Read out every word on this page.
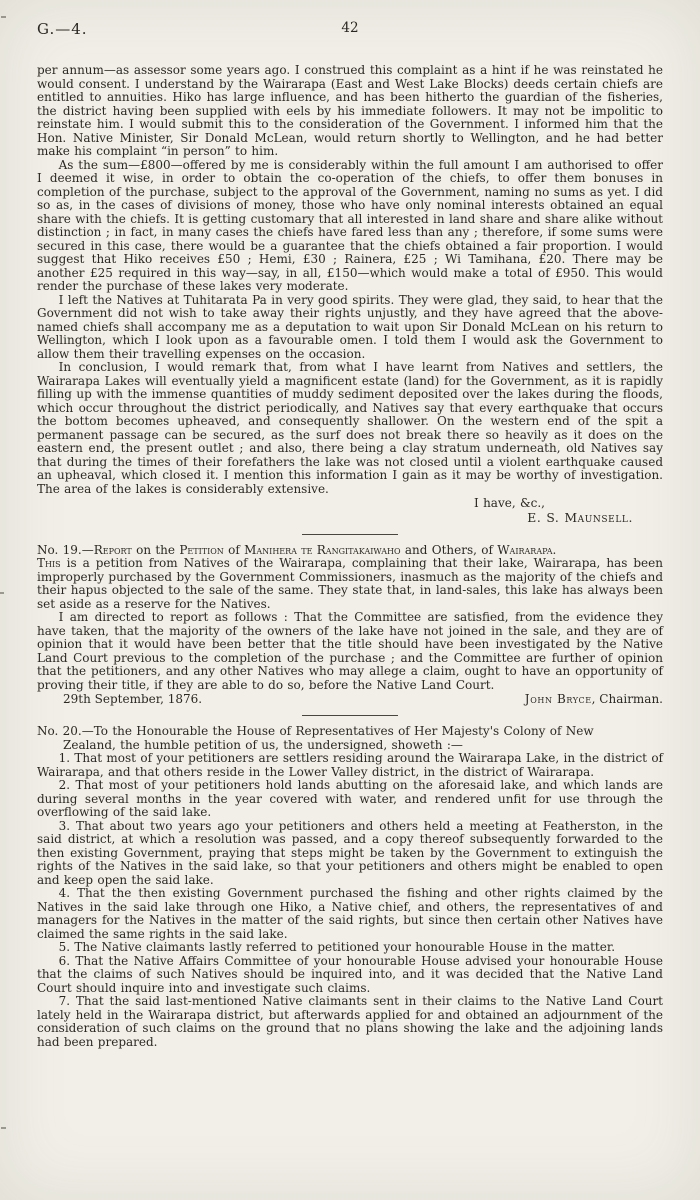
G.—4.	42

per annum—as assessor some years ago. I construed this complaint as a hint if he was reinstated he would consent. I understand by the Wairarapa (East and West Lake Blocks) deeds certain chiefs are entitled to annuities. Hiko has large influence, and has been hitherto the guardian of the fisheries, the district having been supplied with eels by his immediate followers. It may not be impolitic to reinstate him. I would submit this to the consideration of the Government. I informed him that the Hon. Native Minister, Sir Donald McLean, would return shortly to Wellington, and he had better make his complaint “in person” to him.

As the sum—£800—offered by me is considerably within the full amount I am authorised to offer I deemed it wise, in order to obtain the co-operation of the chiefs, to offer them bonuses in completion of the purchase, subject to the approval of the Government, naming no sums as yet. I did so as, in the cases of divisions of money, those who have only nominal interests obtained an equal share with the chiefs. It is getting customary that all interested in land share and share alike without distinction ; in fact, in many cases the chiefs have fared less than any ; therefore, if some sums were secured in this case, there would be a guarantee that the chiefs obtained a fair proportion. I would suggest that Hiko receives £50 ; Hemi, £30 ; Rainera, £25 ; Wi Tamihana, £20. There may be another £25 required in this way—say, in all, £150—which would make a total of £950. This would render the purchase of these lakes very moderate.

I left the Natives at Tuhitarata Pa in very good spirits. They were glad, they said, to hear that the Government did not wish to take away their rights unjustly, and they have agreed that the above-named chiefs shall accompany me as a deputation to wait upon Sir Donald McLean on his return to Wellington, which I look upon as a favourable omen. I told them I would ask the Government to allow them their travelling expenses on the occasion.

In conclusion, I would remark that, from what I have learnt from Natives and settlers, the Wairarapa Lakes will eventually yield a magnificent estate (land) for the Government, as it is rapidly filling up with the immense quantities of muddy sediment deposited over the lakes during the floods, which occur throughout the district periodically, and Natives say that every earthquake that occurs the bottom becomes upheaved, and consequently shallower. On the western end of the spit a permanent passage can be secured, as the surf does not break there so heavily as it does on the eastern end, the present outlet ; and also, there being a clay stratum underneath, old Natives say that during the times of their forefathers the lake was not closed until a violent earthquake caused an upheaval, which closed it. I mention this information I gain as it may be worthy of investigation. The area of the lakes is considerably extensive.

I have, &c.,

E. S. Maunsell.

No. 19.—Report on the Petition of Manihera te Rangitakaiwaho and Others, of Wairarapa.

This is a petition from Natives of the Wairarapa, complaining that their lake, Wairarapa, has been improperly purchased by the Government Commissioners, inasmuch as the majority of the chiefs and their hapus objected to the sale of the same. They state that, in land-sales, this lake has always been set aside as a reserve for the Natives.

I am directed to report as follows : That the Committee are satisfied, from the evidence they have taken, that the majority of the owners of the lake have not joined in the sale, and they are of opinion that it would have been better that the title should have been investigated by the Native Land Court previous to the completion of the purchase ; and the Committee are further of opinion that the petitioners, and any other Natives who may allege a claim, ought to have an opportunity of proving their title, if they are able to do so, before the Native Land Court.

29th September, 1876.	John Bryce, Chairman.

No. 20.—To the Honourable the House of Representatives of Her Majesty's Colony of New
Zealand, the humble petition of us, the undersigned, showeth :—

1. That most of your petitioners are settlers residing around the Wairarapa Lake, in the district of Wairarapa, and that others reside in the Lower Valley district, in the district of Wairarapa.

2. That most of your petitioners hold lands abutting on the aforesaid lake, and which lands are during several months in the year covered with water, and rendered unfit for use through the overflowing of the said lake.

3. That about two years ago your petitioners and others held a meeting at Featherston, in the said district, at which a resolution was passed, and a copy thereof subsequently forwarded to the then existing Government, praying that steps might be taken by the Government to extinguish the rights of the Natives in the said lake, so that your petitioners and others might be enabled to open and keep open the said lake.

4. That the then existing Government purchased the fishing and other rights claimed by the Natives in the said lake through one Hiko, a Native chief, and others, the representatives of and managers for the Natives in the matter of the said rights, but since then certain other Natives have claimed the same rights in the said lake.

5. The Native claimants lastly referred to petitioned your honourable House in the matter.

6. That the Native Affairs Committee of your honourable House advised your honourable House that the claims of such Natives should be inquired into, and it was decided that the Native Land Court should inquire into and investigate such claims.

7. That the said last-mentioned Native claimants sent in their claims to the Native Land Court lately held in the Wairarapa district, but afterwards applied for and obtained an adjournment of the consideration of such claims on the ground that no plans showing the lake and the adjoining lands had been prepared.
